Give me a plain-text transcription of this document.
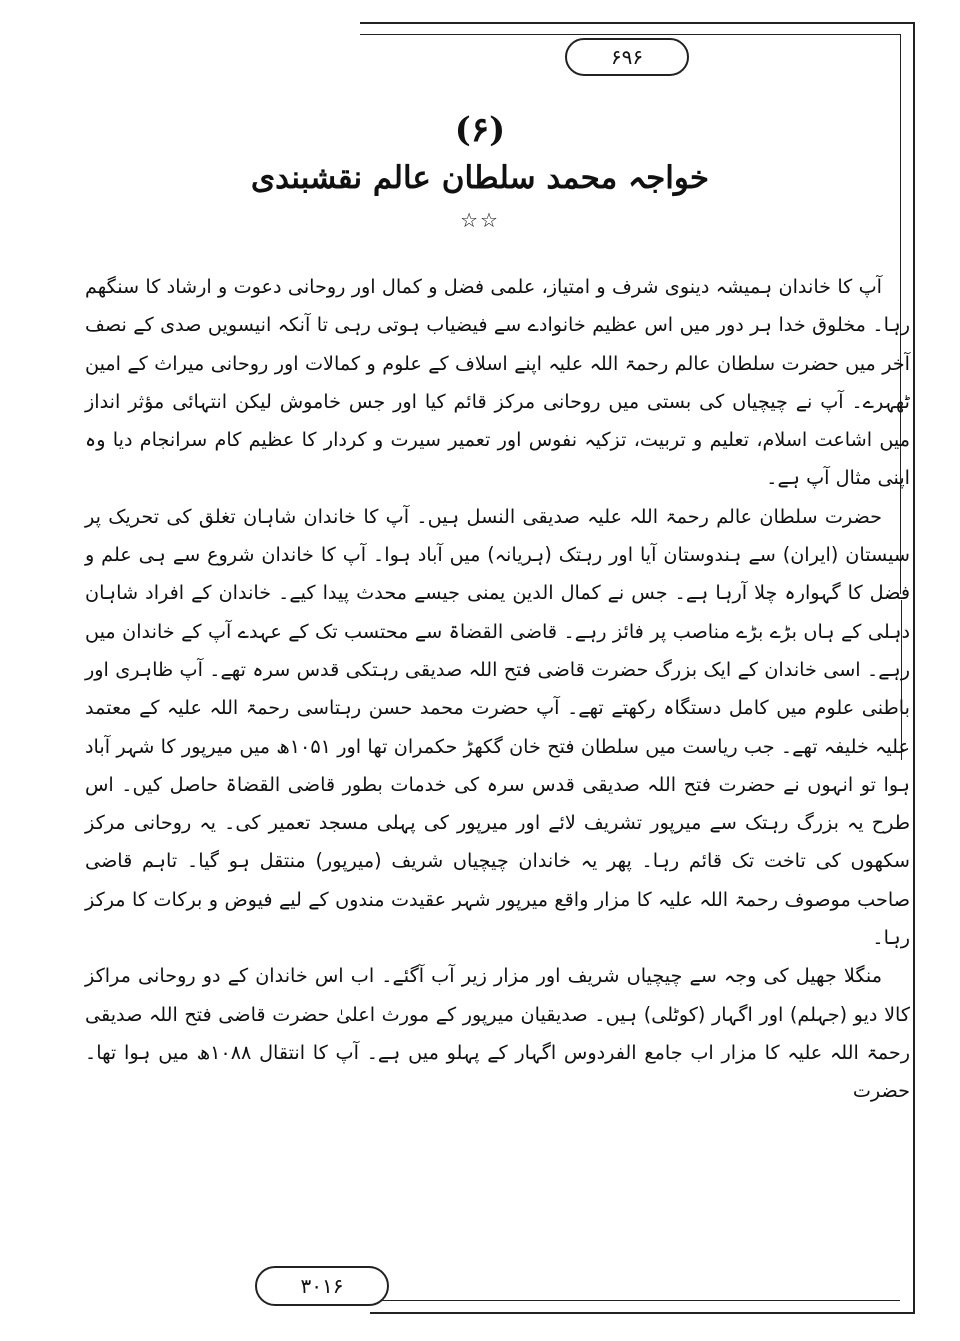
۶۹۶
(۶)
خواجہ محمد سلطان عالم نقشبندی
☆☆

آپ کا خاندان ہمیشہ دینوی شرف و امتیاز، علمی فضل و کمال اور روحانی دعوت و ارشاد کا سنگھم رہا۔ مخلوق خدا ہر دور میں اس عظیم خانوادے سے فیضیاب ہوتی رہی تا آنکہ انیسویں صدی کے نصف آخر میں حضرت سلطان عالم رحمۃ اللہ علیہ اپنے اسلاف کے علوم و کمالات اور روحانی میراث کے امین ٹھہرے۔ آپ نے چیچیاں کی بستی میں روحانی مرکز قائم کیا اور جس خاموش لیکن انتہائی مؤثر انداز میں اشاعت اسلام، تعلیم و تربیت، تزکیہ نفوس اور تعمیر سیرت و کردار کا عظیم کام سرانجام دیا وہ اپنی مثال آپ ہے۔

حضرت سلطان عالم رحمۃ اللہ علیہ صدیقی النسل ہیں۔ آپ کا خاندان شاہان تغلق کی تحریک پر سیستان (ایران) سے ہندوستان آیا اور رہتک (ہریانہ) میں آباد ہوا۔ آپ کا خاندان شروع سے ہی علم و فضل کا گہوارہ چلا آرہا ہے۔ جس نے کمال الدین یمنی جیسے محدث پیدا کیے۔ خاندان کے افراد شاہان دہلی کے ہاں بڑے بڑے مناصب پر فائز رہے۔ قاضی القضاۃ سے محتسب تک کے عہدے آپ کے خاندان میں رہے۔ اسی خاندان کے ایک بزرگ حضرت قاضی فتح اللہ صدیقی رہتکی قدس سرہ تھے۔ آپ ظاہری اور باطنی علوم میں کامل دستگاہ رکھتے تھے۔ آپ حضرت محمد حسن رہتاسی رحمۃ اللہ علیہ کے معتمد علیہ خلیفہ تھے۔ جب ریاست میں سلطان فتح خان گکھڑ حکمران تھا اور ۱۰۵۱ھ میں میرپور کا شہر آباد ہوا تو انہوں نے حضرت فتح اللہ صدیقی قدس سرہ کی خدمات بطور قاضی القضاۃ حاصل کیں۔ اس طرح یہ بزرگ رہتک سے میرپور تشریف لائے اور میرپور کی پہلی مسجد تعمیر کی۔ یہ روحانی مرکز سکھوں کی تاخت تک قائم رہا۔ پھر یہ خاندان چیچیاں شریف (میرپور) منتقل ہو گیا۔ تاہم قاضی صاحب موصوف رحمۃ اللہ علیہ کا مزار واقع میرپور شہر عقیدت مندوں کے لیے فیوض و برکات کا مرکز رہا۔

منگلا جھیل کی وجہ سے چیچیاں شریف اور مزار زیر آب آگئے۔ اب اس خاندان کے دو روحانی مراکز کالا دیو (جہلم) اور اگہار (کوٹلی) ہیں۔ صدیقیان میرپور کے مورث اعلیٰ حضرت قاضی فتح اللہ صدیقی رحمۃ اللہ علیہ کا مزار اب جامع الفردوس اگہار کے پہلو میں ہے۔ آپ کا انتقال ۱۰۸۸ھ میں ہوا تھا۔ حضرت

۳۰۱۶
